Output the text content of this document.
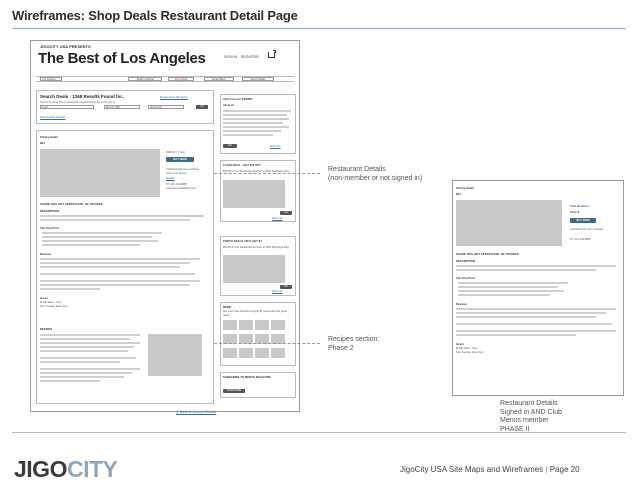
Wireframes: Shop Deals Restaurant Detail Page
JIGOCITY USA PRESENTS
The Best of Los Angeles	SIGN IN REGISTER
Los Angeles	Today's Special	Shop Deals	Email Offers	Search Deals
Search Deals : 1268 Results Found for..	Restaurants Shopping
Search the Deal Title or description Neighborhood/ Zip Code Sort by
Food	Beverly Hills	All Results	GO
New Search Results
Shrimp Salad
$24
$100.00 | 1 Year
BUY NOW
Unlimited with your purchase. Limit 1 per person.
Details
Ph: 310-444-8855
www.shrimpsaladCity.com
SHARE THIS GIFT CERTIFICATE: FB TW EMAIL
DESCRIPTION
The Fine Print
Reviews
Hours
M-Sat:10am - 6pm
Sun: Sunday 11am-4pm
RECIPES
❮ Back to Search Results
Visit from our PROMO
About Us
GO	More Info
FLASH DEAL : GET $50 OFF
$50.00 of Vue Restaurant and bar at 4501 Bethpage Way
GO
More Info
PHOTO DEALS / BUY GET $4
$50.00 of Vue Restaurant and bar at 4501 Bethpage Way
GO
More Info
MORE
Get your Free Account of Apply By Grace and Get great deals
SUBSCRIBE TO MENUS MAGAZINE
SUBSCRIBE
Restaurant Details
(non-member or not signed in)
Recipes section:
Phase 2
Shrimp Salad
$24
Club Members
Price $
BUY NOW
Unlimited with your purchase.
Ph: 310-444-8855
SHARE THIS GIFT CERTIFICATE: FB TW EMAIL
DESCRIPTION
The Fine Print
Reviews
Hours
M-Sat:10am - 6pm
Sun: Sunday 11am-4pm
Restaurant Details
Signed in AND Club
Menus member
PHASE II
JIGOCITY	JigoCity USA Site Maps and Wireframes | Page 20
